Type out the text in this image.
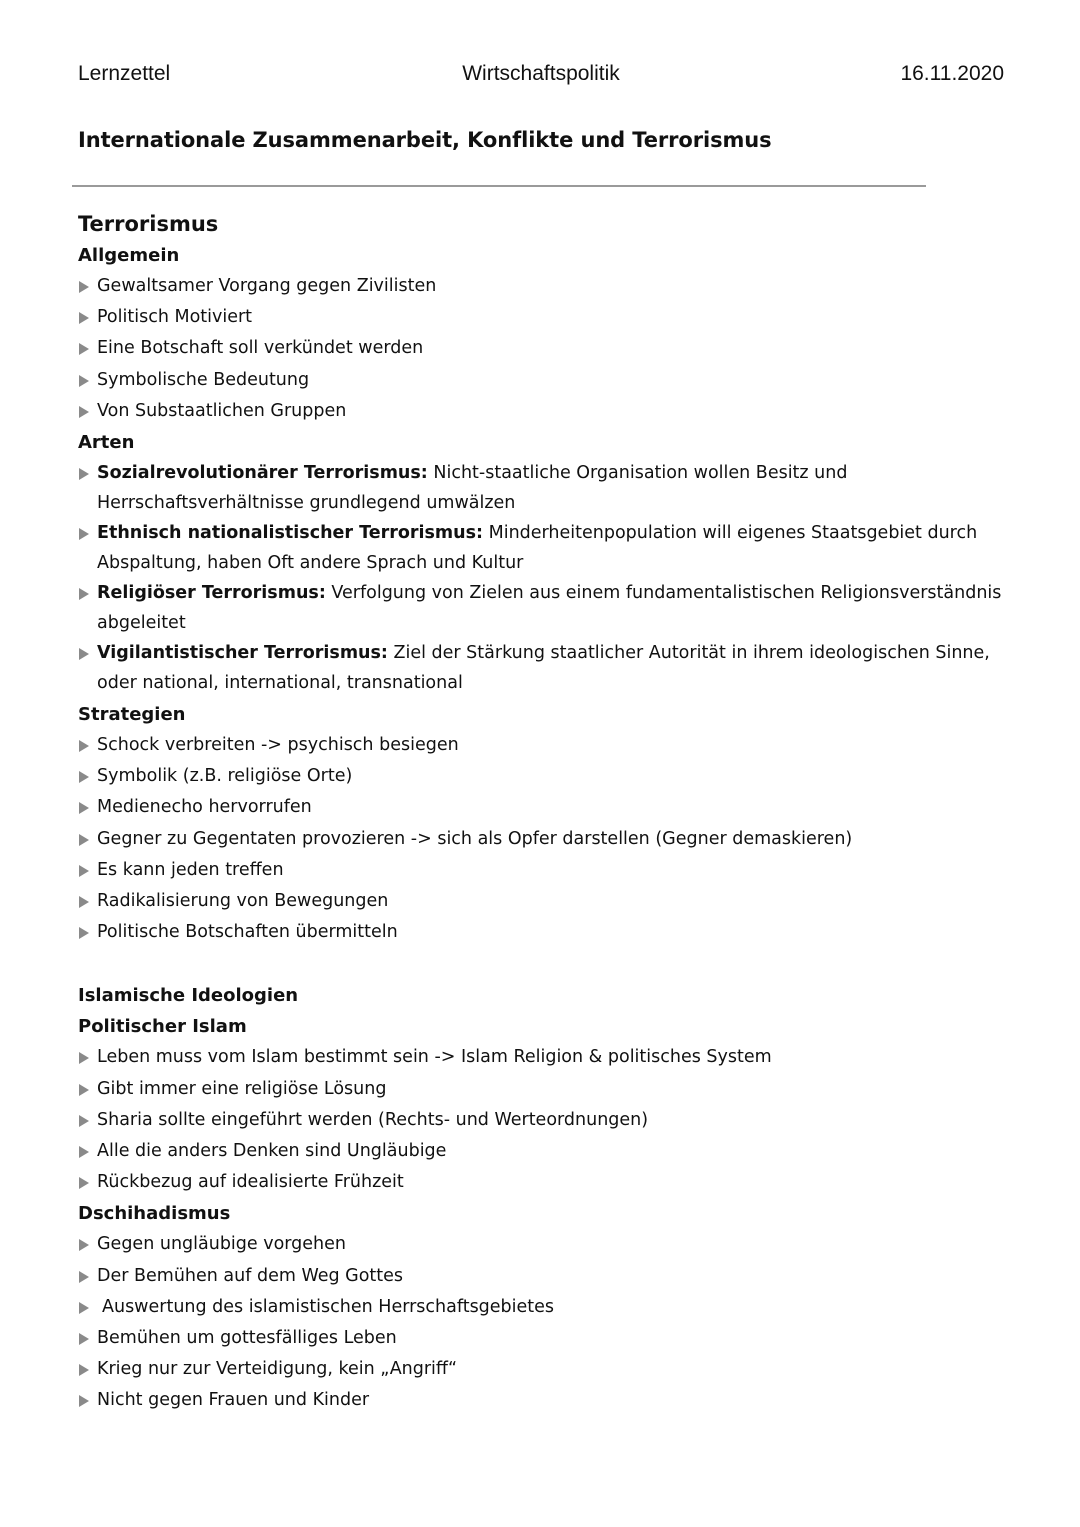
Lernzettel	Wirtschaftspolitik	16.11.2020
Internationale Zusammenarbeit, Konflikte und Terrorismus
Terrorismus
Allgemein
Gewaltsamer Vorgang gegen Zivilisten
Politisch Motiviert
Eine Botschaft soll verkündet werden
Symbolische Bedeutung
Von Substaatlichen Gruppen
Arten
Sozialrevolutionärer Terrorismus: Nicht-staatliche Organisation wollen Besitz und Herrschaftsverhältnisse grundlegend umwälzen
Ethnisch nationalistischer Terrorismus: Minderheitenpopulation will eigenes Staatsgebiet durch Abspaltung, haben Oft andere Sprach und Kultur
Religiöser Terrorismus: Verfolgung von Zielen aus einem fundamentalistischen Religionsverständnis abgeleitet
Vigilantistischer Terrorismus: Ziel der Stärkung staatlicher Autorität in ihrem ideologischen Sinne, oder national, international, transnational
Strategien
Schock verbreiten -> psychisch besiegen
Symbolik (z.B. religiöse Orte)
Medienecho hervorrufen
Gegner zu Gegentaten provozieren -> sich als Opfer darstellen (Gegner demaskieren)
Es kann jeden treffen
Radikalisierung von Bewegungen
Politische Botschaften übermitteln
Islamische Ideologien
Politischer Islam
Leben muss vom Islam bestimmt sein -> Islam Religion & politisches System
Gibt immer eine religiöse Lösung
Sharia sollte eingeführt werden (Rechts- und Werteordnungen)
Alle die anders Denken sind Ungläubige
Rückbezug auf idealisierte Frühzeit
Dschihadismus
Gegen ungläubige vorgehen
Der Bemühen auf dem Weg Gottes
Auswertung des islamistischen Herrschaftsgebietes
Bemühen um gottesfälliges Leben
Krieg nur zur Verteidigung, kein „Angriff“
Nicht gegen Frauen und Kinder
